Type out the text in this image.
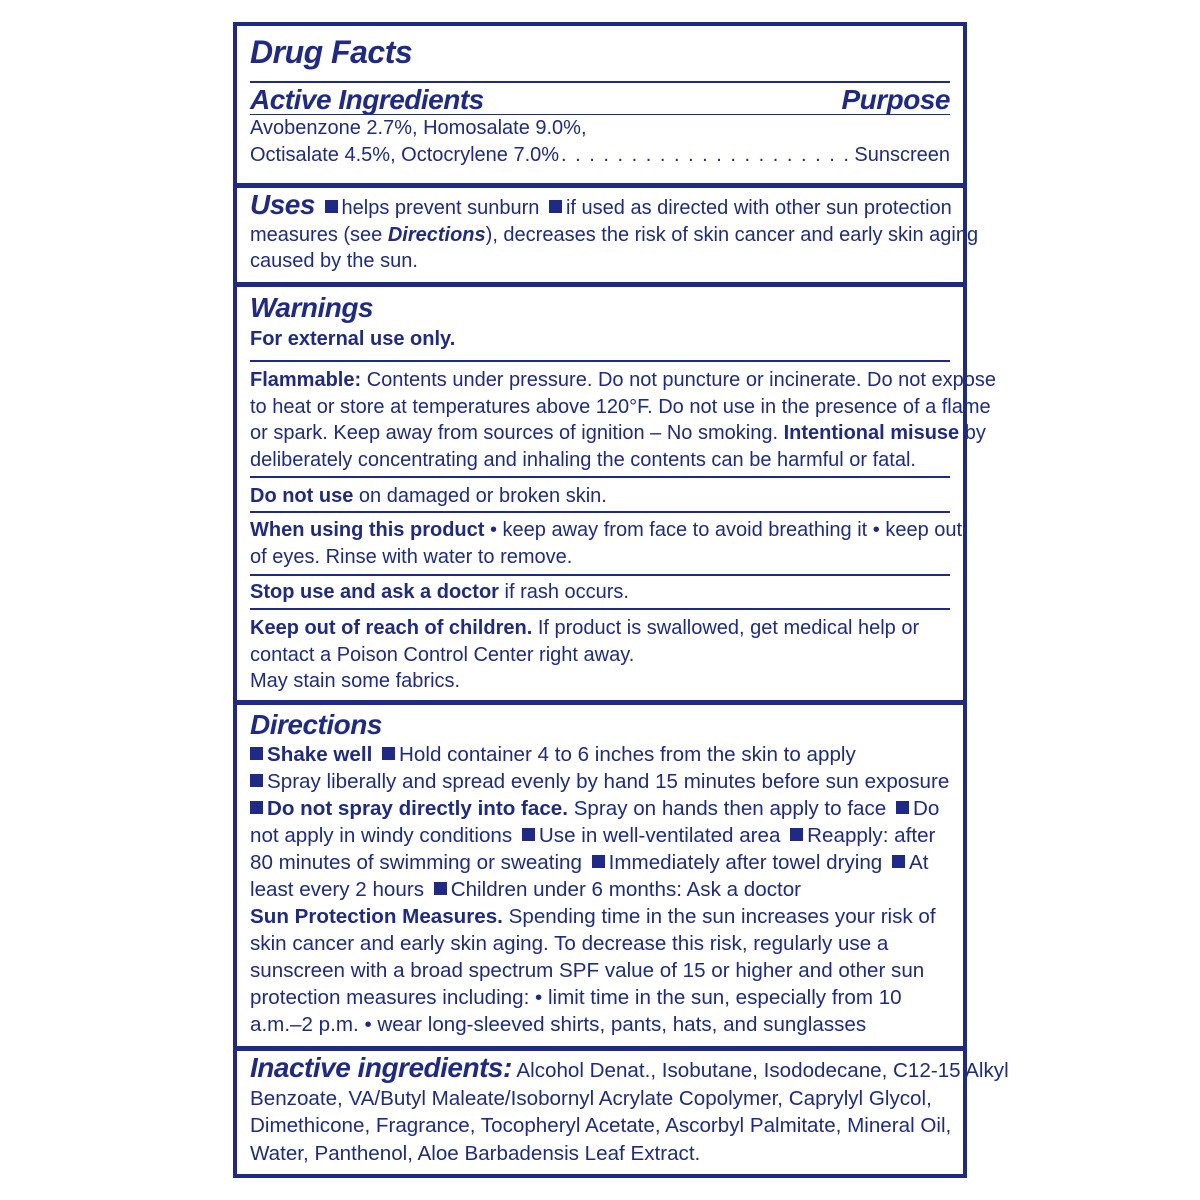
Drug Facts
Active Ingredients	Purpose
Avobenzone 2.7%, Homosalate 9.0%,
Octisalate 4.5%, Octocrylene 7.0%
. . .	Sunscreen
Uses helps prevent sunburn if used as directed with other sun protection
measures (see Directions), decreases the risk of skin cancer and early skin aging
caused by the sun.
Warnings
For external use only.
Flammable: Contents under pressure. Do not puncture or incinerate. Do not expose
to heat or store at temperatures above 120°F. Do not use in the presence of a flame
or spark. Keep away from sources of ignition – No smoking. Intentional misuse by
deliberately concentrating and inhaling the contents can be harmful or fatal.
Do not use on damaged or broken skin.
When using this product • keep away from face to avoid breathing it • keep out
of eyes. Rinse with water to remove.
Stop use and ask a doctor if rash occurs.
Keep out of reach of children. If product is swallowed, get medical help or
contact a Poison Control Center right away.
May stain some fabrics.
Directions
Shake well Hold container 4 to 6 inches from the skin to apply
Spray liberally and spread evenly by hand 15 minutes before sun exposure
Do not spray directly into face. Spray on hands then apply to face Do
not apply in windy conditions Use in well-ventilated area Reapply: after
80 minutes of swimming or sweating Immediately after towel drying At
least every 2 hours Children under 6 months: Ask a doctor
Sun Protection Measures. Spending time in the sun increases your risk of
skin cancer and early skin aging. To decrease this risk, regularly use a
sunscreen with a broad spectrum SPF value of 15 or higher and other sun
protection measures including: • limit time in the sun, especially from 10
a.m.–2 p.m. • wear long-sleeved shirts, pants, hats, and sunglasses
Inactive ingredients: Alcohol Denat., Isobutane, Isododecane, C12-15 Alkyl
Benzoate, VA/Butyl Maleate/Isobornyl Acrylate Copolymer, Caprylyl Glycol,
Dimethicone, Fragrance, Tocopheryl Acetate, Ascorbyl Palmitate, Mineral Oil,
Water, Panthenol, Aloe Barbadensis Leaf Extract.
